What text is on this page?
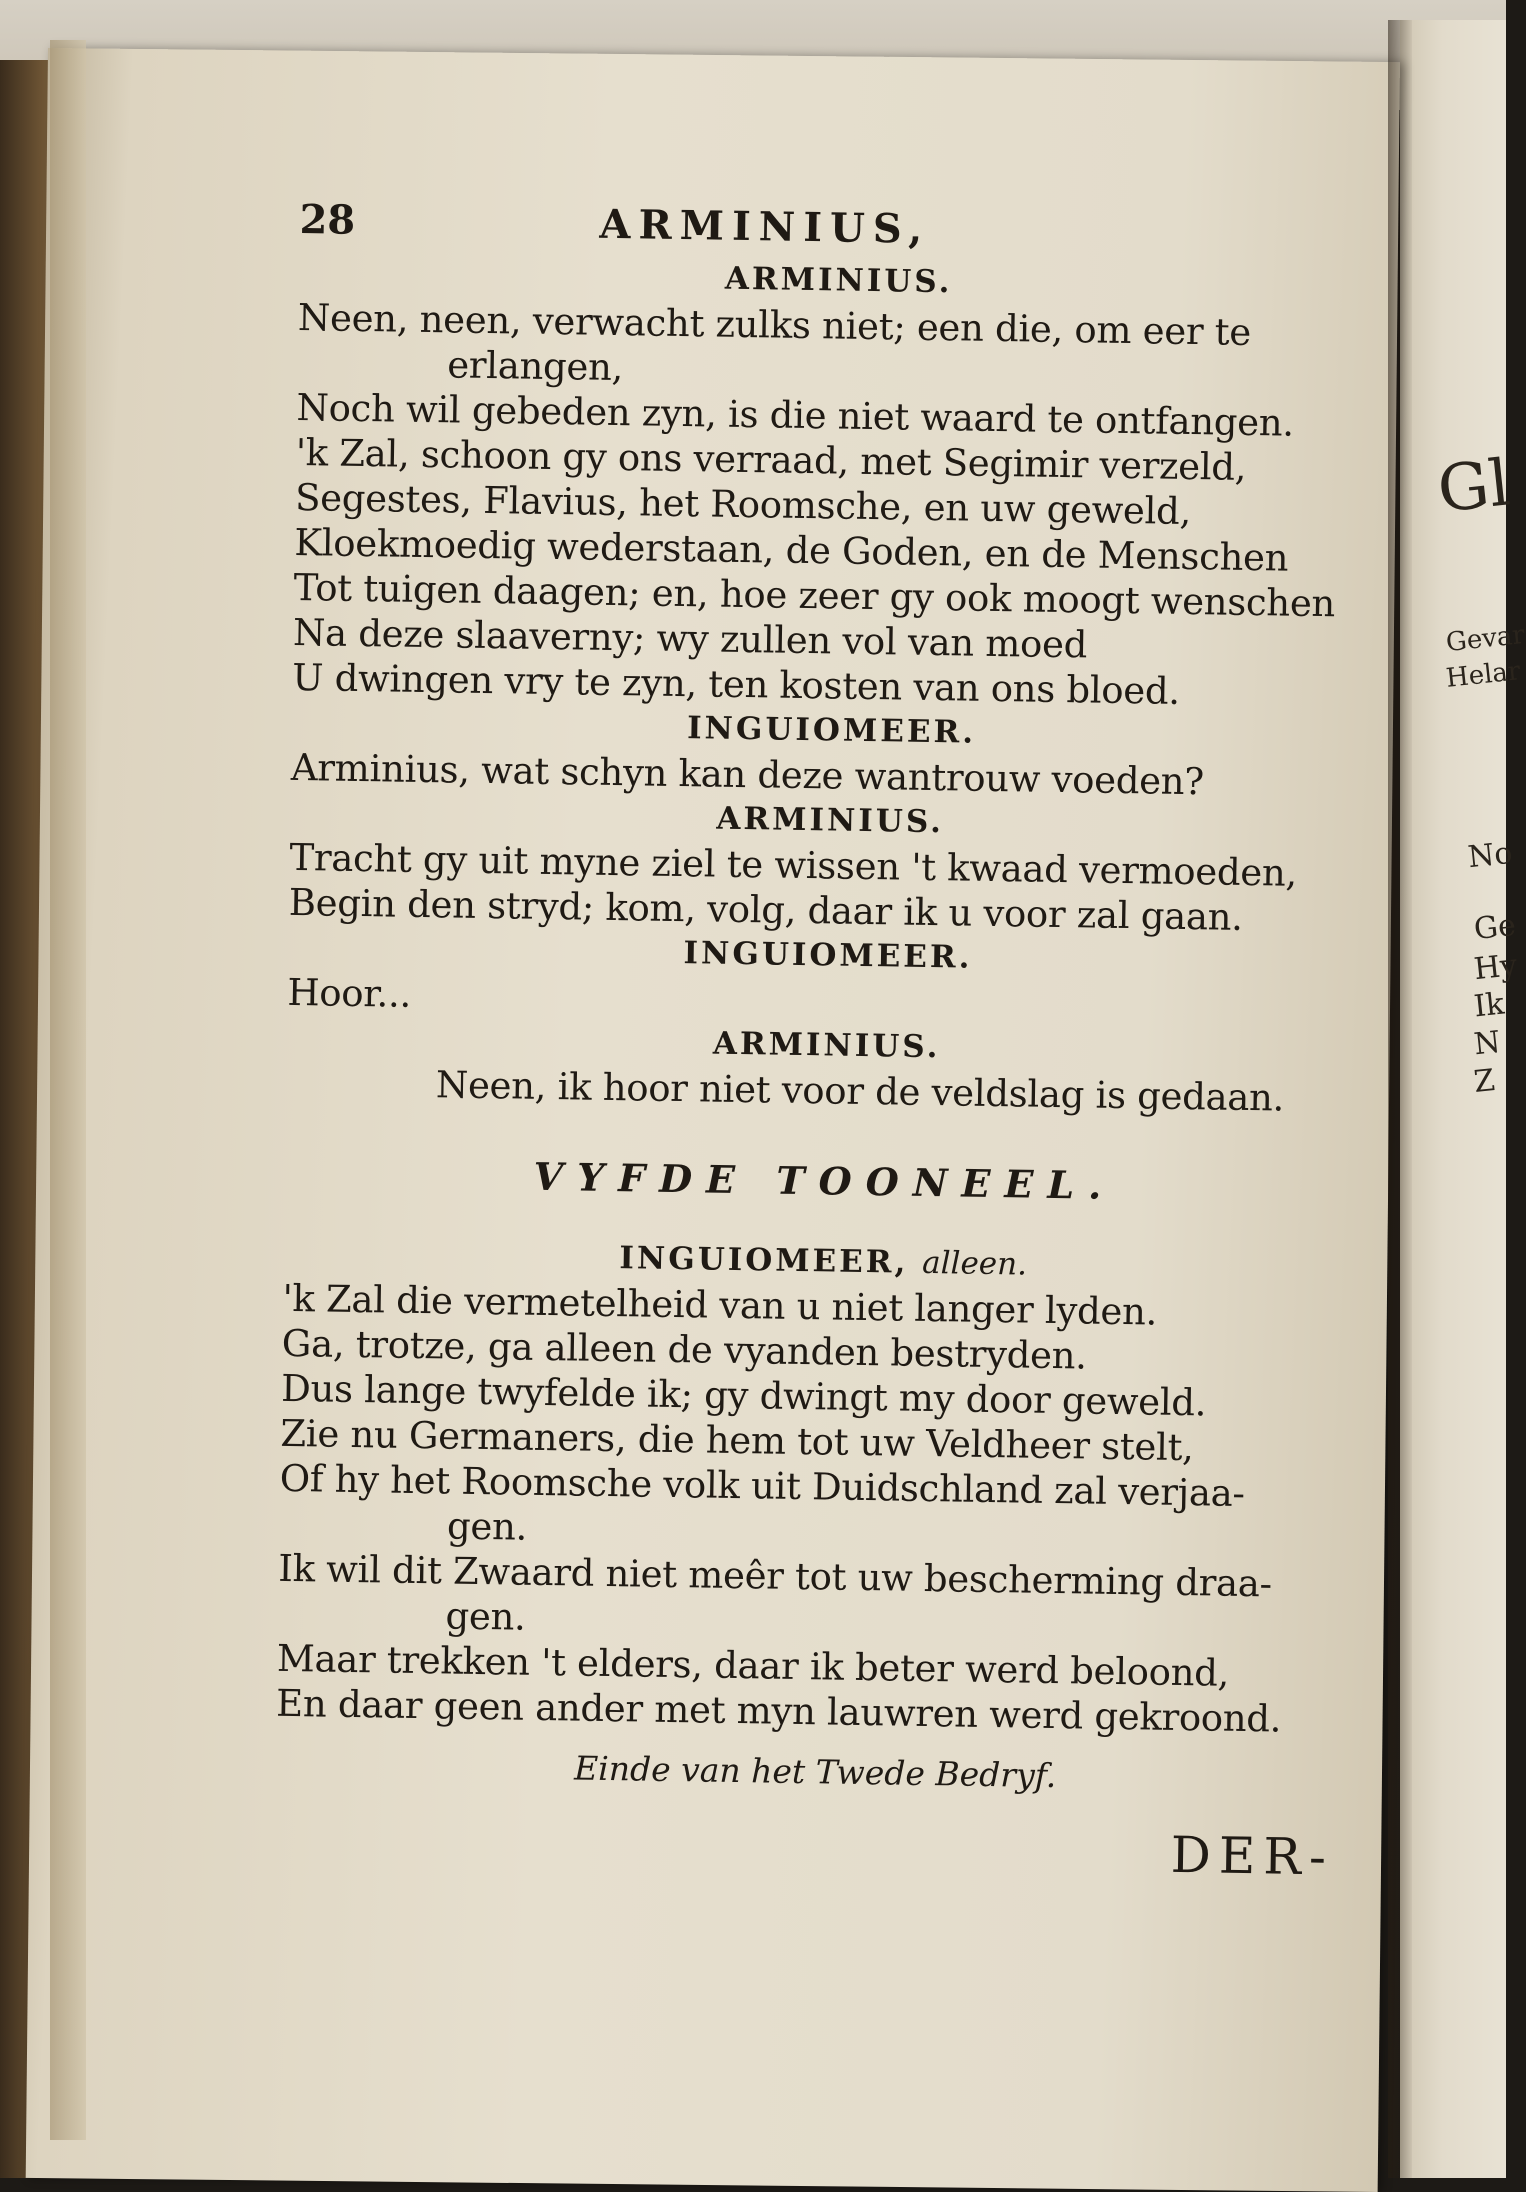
Gl
Gevar
Helar
No
Ge
Hy
Ik
N
Z
28	ARMINIUS,
ARMINIUS.
Neen, neen, verwacht zulks niet; een die, om eer te
erlangen,
Noch wil gebeden zyn, is die niet waard te ontfangen.
'k Zal, schoon gy ons verraad, met Segimir verzeld,
Segestes, Flavius, het Roomsche, en uw geweld,
Kloekmoedig wederstaan, de Goden, en de Menschen
Tot tuigen daagen; en, hoe zeer gy ook moogt wenschen
Na deze slaaverny; wy zullen vol van moed
U dwingen vry te zyn, ten kosten van ons bloed.
INGUIOMEER.
Arminius, wat schyn kan deze wantrouw voeden?
ARMINIUS.
Tracht gy uit myne ziel te wissen 't kwaad vermoeden,
Begin den stryd; kom, volg, daar ik u voor zal gaan.
INGUIOMEER.
Hoor...
ARMINIUS.
Neen, ik hoor niet voor de veldslag is gedaan.
VYFDE TOONEEL.
INGUIOMEER, alleen.
'k Zal die vermetelheid van u niet langer lyden.
Ga, trotze, ga alleen de vyanden bestryden.
Dus lange twyfelde ik; gy dwingt my door geweld.
Zie nu Germaners, die hem tot uw Veldheer stelt,
Of hy het Roomsche volk uit Duidschland zal verjaa-
gen.
Ik wil dit Zwaard niet meêr tot uw bescherming draa-
gen.
Maar trekken 't elders, daar ik beter werd beloond,
En daar geen ander met myn lauwren werd gekroond.
Einde van het Twede Bedryf.
DER-
